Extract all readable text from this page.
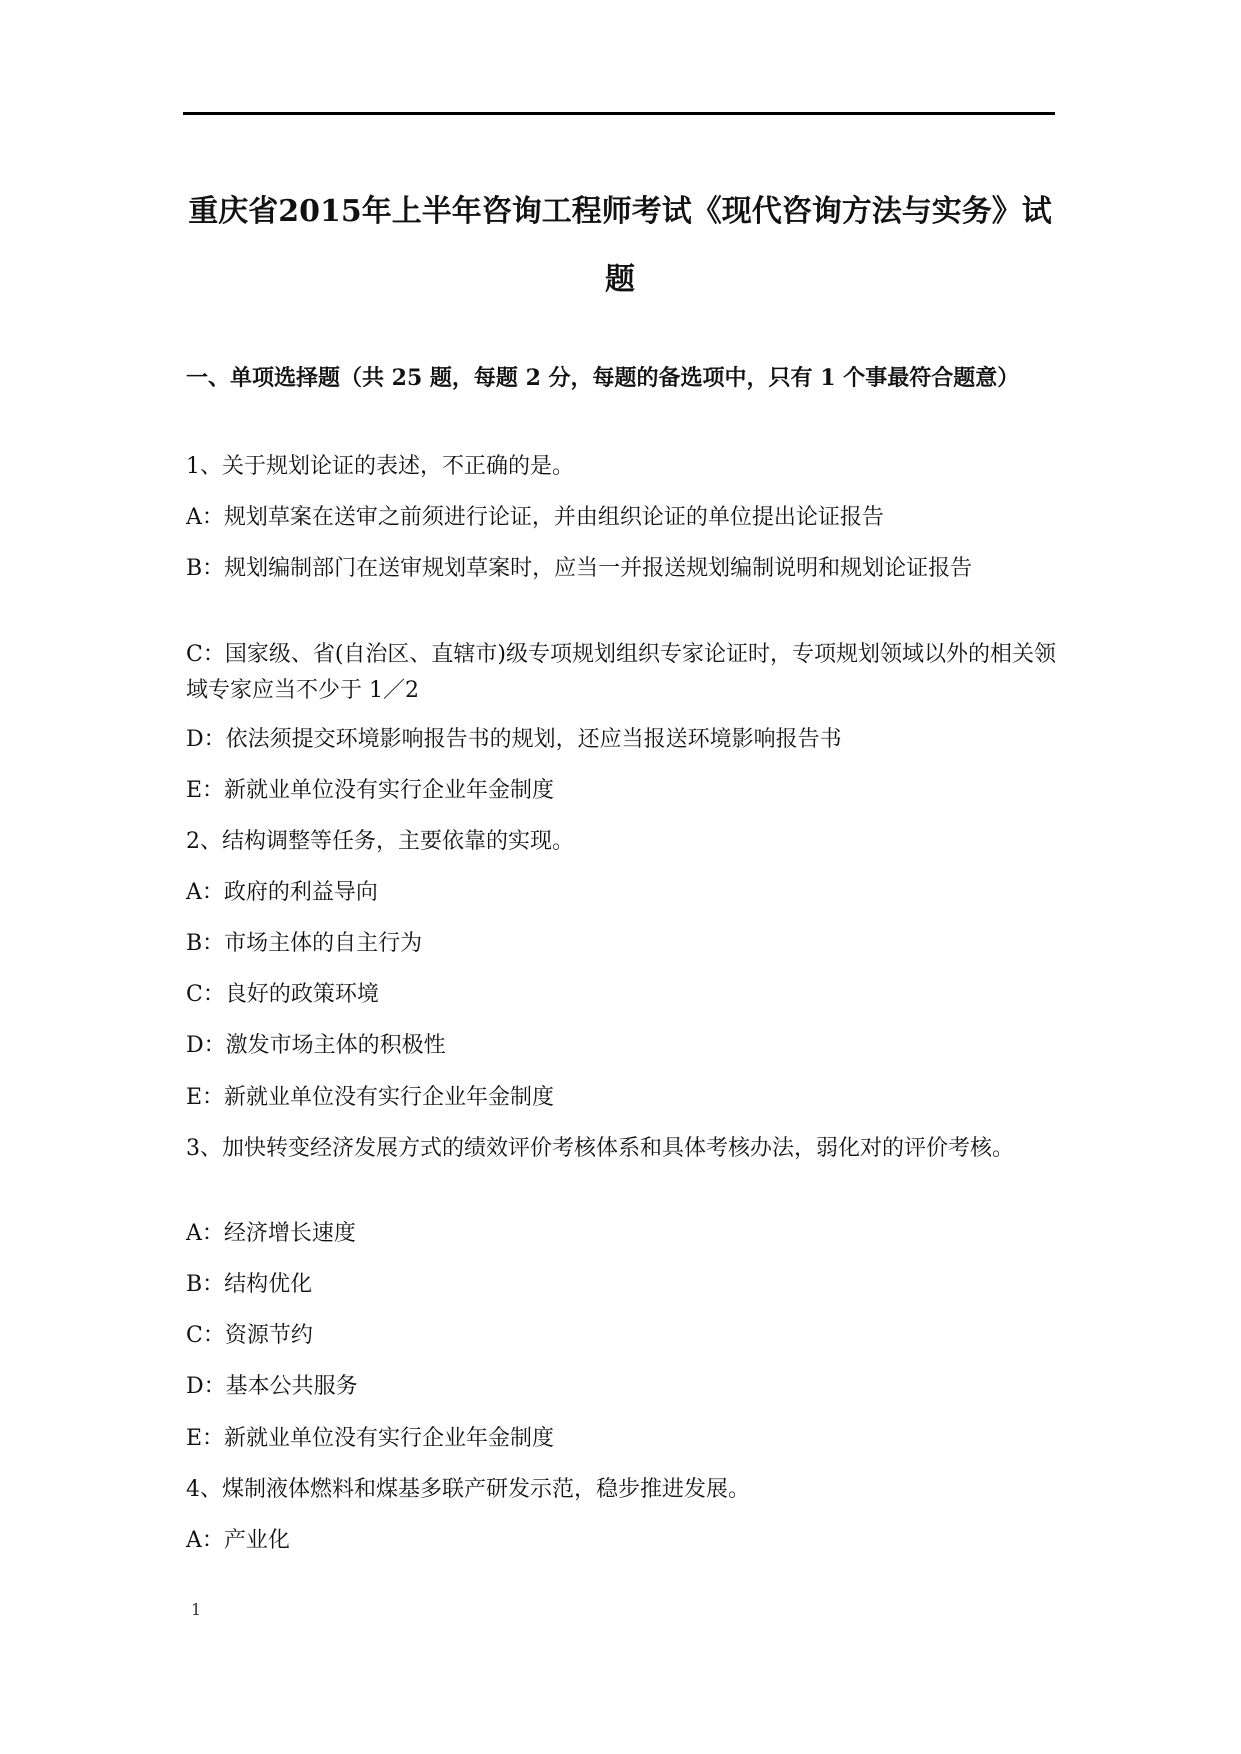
重庆省2015年上半年咨询工程师考试《现代咨询方法与实务》试题
一、单项选择题（共 25 题，每题 2 分，每题的备选项中，只有 1 个事最符合题意）
1、关于规划论证的表述，不正确的是。
A：规划草案在送审之前须进行论证，并由组织论证的单位提出论证报告
B：规划编制部门在送审规划草案时，应当一并报送规划编制说明和规划论证报告
C：国家级、省(自治区、直辖市)级专项规划组织专家论证时，专项规划领域以外的相关领域专家应当不少于 1／2
D：依法须提交环境影响报告书的规划，还应当报送环境影响报告书
E：新就业单位没有实行企业年金制度
2、结构调整等任务，主要依靠的实现。
A：政府的利益导向
B：市场主体的自主行为
C：良好的政策环境
D：激发市场主体的积极性
E：新就业单位没有实行企业年金制度
3、加快转变经济发展方式的绩效评价考核体系和具体考核办法，弱化对的评价考核。
A：经济增长速度
B：结构优化
C：资源节约
D：基本公共服务
E：新就业单位没有实行企业年金制度
4、煤制液体燃料和煤基多联产研发示范，稳步推进发展。
A：产业化
1
